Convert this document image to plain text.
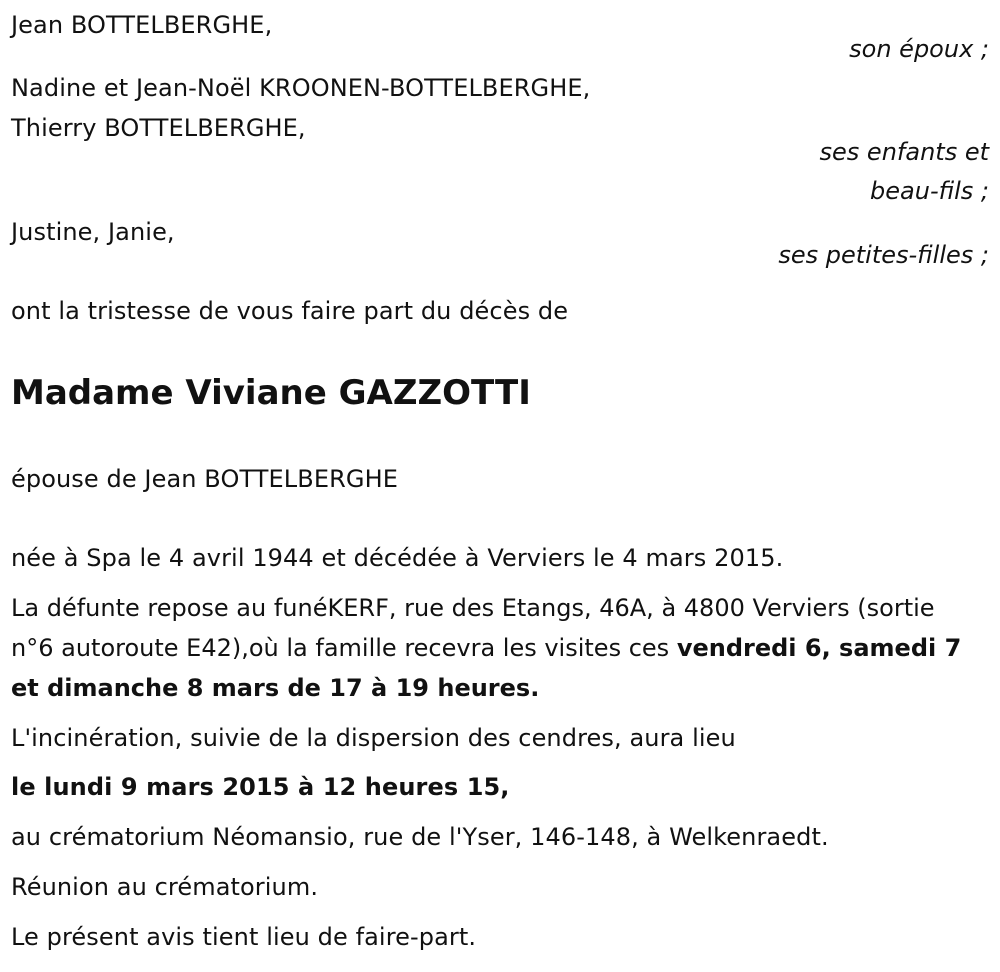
Jean BOTTELBERGHE,
son époux ;
Nadine et Jean-Noël KROONEN-BOTTELBERGHE,
Thierry BOTTELBERGHE,
ses enfants et
beau-fils ;
Justine, Janie,
ses petites-filles ;
ont la tristesse de vous faire part du décès de
Madame Viviane GAZZOTTI
épouse de Jean BOTTELBERGHE
née à Spa le 4 avril 1944 et décédée à Verviers le 4 mars 2015.
La défunte repose au funéKERF, rue des Etangs, 46A, à 4800 Verviers (sortie n°6 autoroute E42),où la famille recevra les visites ces vendredi 6, samedi 7 et dimanche 8 mars de 17 à 19 heures.
L'incinération, suivie de la dispersion des cendres, aura lieu
le lundi 9 mars 2015 à 12 heures 15,
au crématorium Néomansio, rue de l'Yser, 146-148, à Welkenraedt.
Réunion au crématorium.
Le présent avis tient lieu de faire-part.
